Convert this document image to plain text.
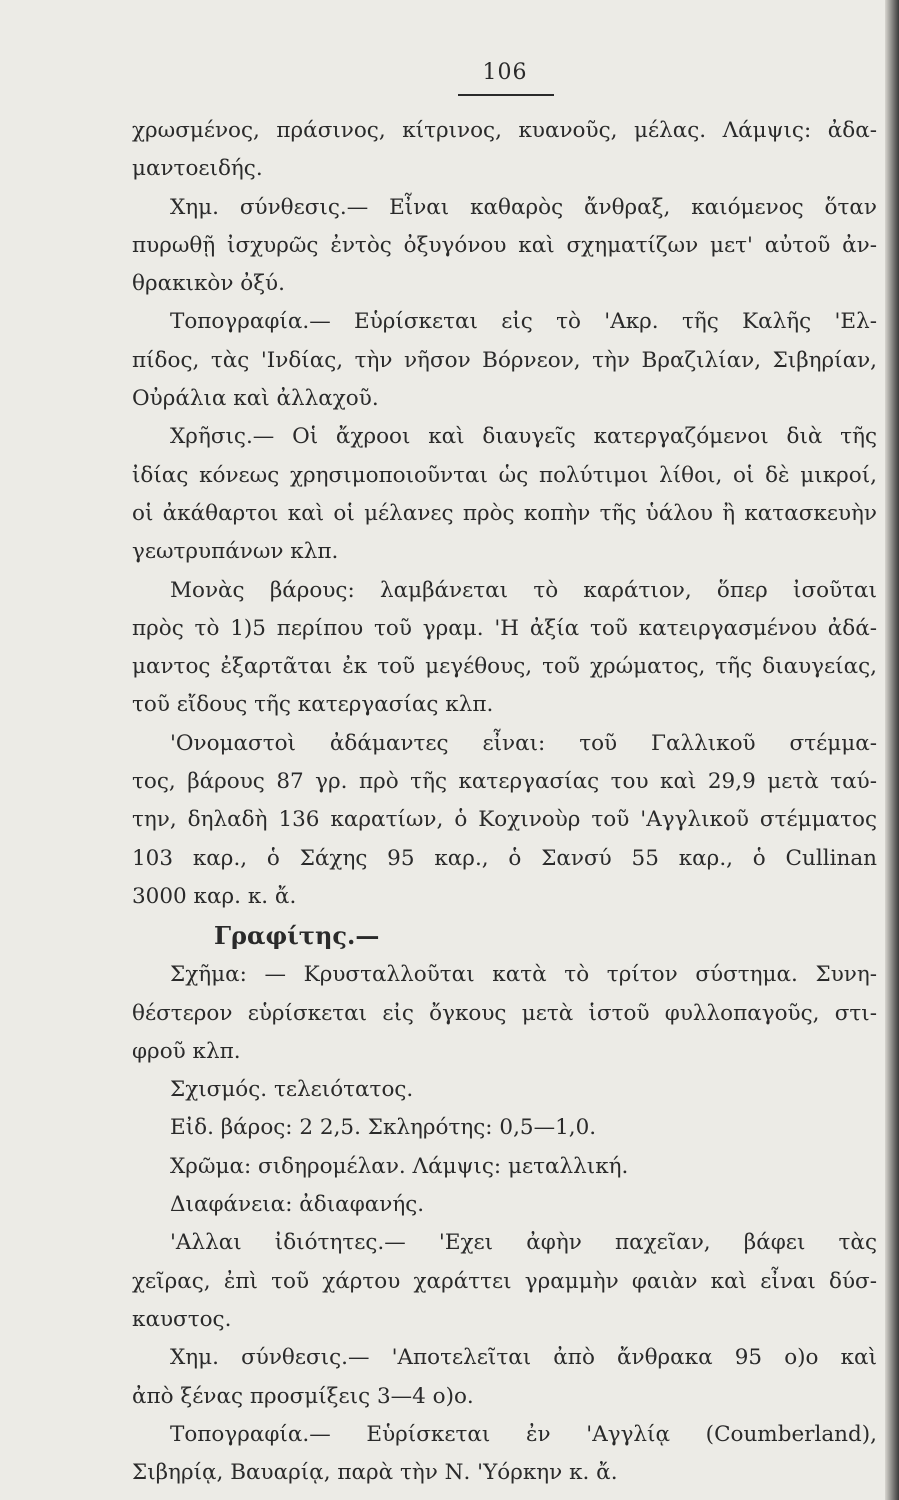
106
χρωσμένος, πράσινος, κίτρινος, κυανοῦς, μέλας. Λάμψις: ἀδα-
μαντοειδής.
Χημ. σύνθεσις.— Εἶναι καθαρὸς ἄνθραξ, καιόμενος ὅταν
πυρωθῇ ἰσχυρῶς ἐντὸς ὀξυγόνου καὶ σχηματίζων μετ' αὐτοῦ ἀν-
θρακικὸν ὀξύ.
Τοπογραφία.— Εὑρίσκεται εἰς τὸ 'Ακρ. τῆς Καλῆς 'Ελ-
πίδος, τὰς 'Ινδίας, τὴν νῆσον Βόρνεον, τὴν Βραζιλίαν, Σιβηρίαν,
Οὐράλια καὶ ἀλλαχοῦ.
Χρῆσις.— Οἱ ἄχροοι καὶ διαυγεῖς κατεργαζόμενοι διὰ τῆς
ἰδίας κόνεως χρησιμοποιοῦνται ὡς πολύτιμοι λίθοι, οἱ δὲ μικροί,
οἱ ἀκάθαρτοι καὶ οἱ μέλανες πρὸς κοπὴν τῆς ὑάλου ἢ κατασκευὴν
γεωτρυπάνων κλπ.
Μονὰς βάρους: λαμβάνεται τὸ καράτιον, ὅπερ ἰσοῦται
πρὸς τὸ 1)5 περίπου τοῦ γραμ. 'Η ἀξία τοῦ κατειργασμένου ἀδά-
μαντος ἐξαρτᾶται ἐκ τοῦ μεγέθους, τοῦ χρώματος, τῆς διαυγείας,
τοῦ εἴδους τῆς κατεργασίας κλπ.
'Ονομαστοὶ ἀδάμαντες εἶναι: τοῦ Γαλλικοῦ στέμμα-
τος, βάρους 87 γρ. πρὸ τῆς κατεργασίας του καὶ 29,9 μετὰ ταύ-
την, δηλαδὴ 136 καρατίων, ὁ Κοχινοὺρ τοῦ 'Αγγλικοῦ στέμματος
103 καρ., ὁ Σάχης 95 καρ., ὁ Σανσύ 55 καρ., ὁ Cullinan
3000 καρ. κ. ἄ.
Γραφίτης.—
Σχῆμα: — Κρυσταλλοῦται κατὰ τὸ τρίτον σύστημα. Συνη-
θέστερον εὑρίσκεται εἰς ὄγκους μετὰ ἱστοῦ φυλλοπαγοῦς, στι-
φροῦ κλπ.
Σχισμός. τελειότατος.
Εἰδ. βάρος: 2 2,5. Σκληρότης: 0,5—1,0.
Χρῶμα: σιδηρομέλαν. Λάμψις: μεταλλική.
Διαφάνεια: ἀδιαφανής.
'Αλλαι ἰδιότητες.— 'Εχει ἀφὴν παχεῖαν, βάφει τὰς
χεῖρας, ἐπὶ τοῦ χάρτου χαράττει γραμμὴν φαιὰν καὶ εἶναι δύσ-
καυστος.
Χημ. σύνθεσις.— 'Αποτελεῖται ἀπὸ ἄνθρακα 95 ο)ο καὶ
ἀπὸ ξένας προσμίξεις 3—4 ο)ο.
Τοπογραφία.— Εὑρίσκεται ἐν 'Αγγλίᾳ (Coumberland),
Σιβηρίᾳ, Βαυαρίᾳ, παρὰ τὴν Ν. 'Υόρκην κ. ἄ.
